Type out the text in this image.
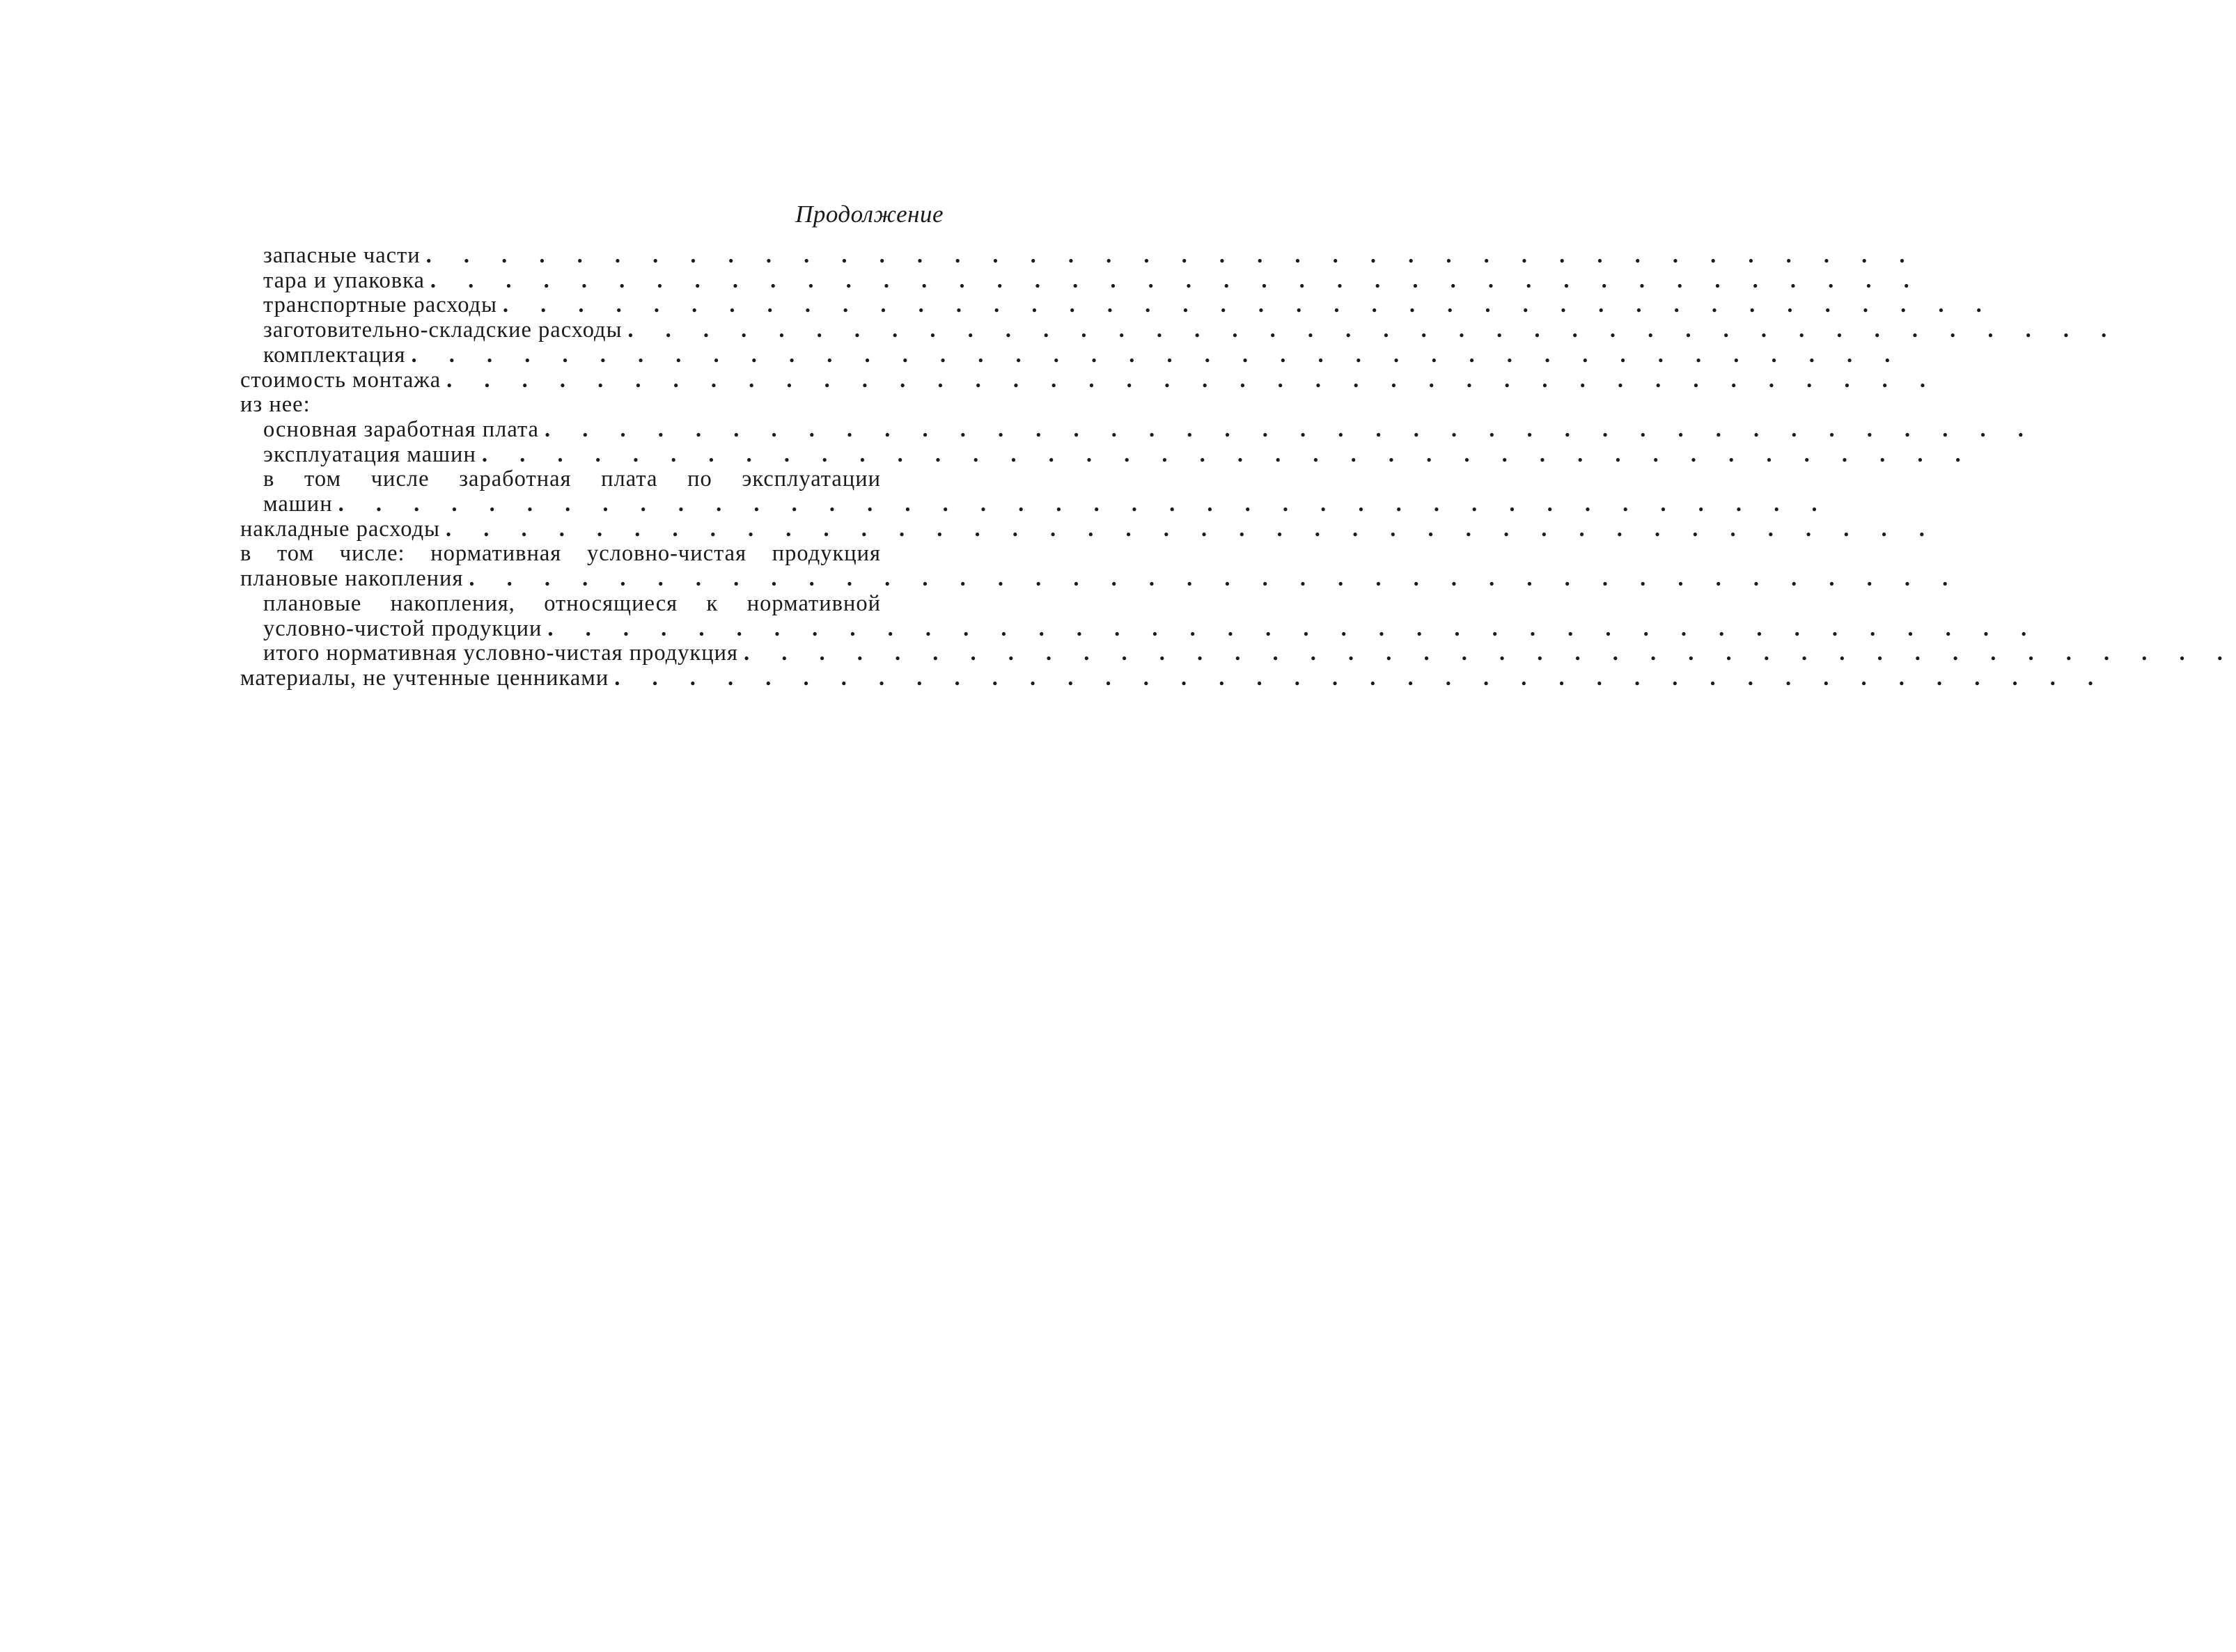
Продолжение
запасные части . . . . . . . . . . . . . . . . . . . . . . . . . . . . . . . . . . . . . . . .
тара и упаковка . . . . . . . . . . . . . . . . . . . . . . . . . . . . . . . . . . . . . . . .
транспортные расходы . . . . . . . . . . . . . . . . . . . . . . . . . . . . . . . . . . . . . . . .
заготовительно-складские расходы . . . . . . . . . . . . . . . . . . . . . . . . . . . . . . . . . . . . . . . .
комплектация . . . . . . . . . . . . . . . . . . . . . . . . . . . . . . . . . . . . . . . .
стоимость монтажа . . . . . . . . . . . . . . . . . . . . . . . . . . . . . . . . . . . . . . . .
из нее:
основная заработная плата . . . . . . . . . . . . . . . . . . . . . . . . . . . . . . . . . . . . . . . .
эксплуатация машин . . . . . . . . . . . . . . . . . . . . . . . . . . . . . . . . . . . . . . . .
в том числе заработная плата по эксплуатации
машин . . . . . . . . . . . . . . . . . . . . . . . . . . . . . . . . . . . . . . . .
накладные расходы . . . . . . . . . . . . . . . . . . . . . . . . . . . . . . . . . . . . . . . .
в том числе: нормативная условно-чистая продукция
плановые накопления . . . . . . . . . . . . . . . . . . . . . . . . . . . . . . . . . . . . . . . .
плановые накопления, относящиеся к нормативной
условно-чистой продукции . . . . . . . . . . . . . . . . . . . . . . . . . . . . . . . . . . . . . . . .
итого нормативная условно-чистая продукция . . . . . . . . . . . . . . . . . . . . . . . . . . . . . . . . . . . . . . . .
материалы, не учтенные ценниками . . . . . . . . . . . . . . . . . . . . . . . . . . . . . . . . . . . . . . . .
